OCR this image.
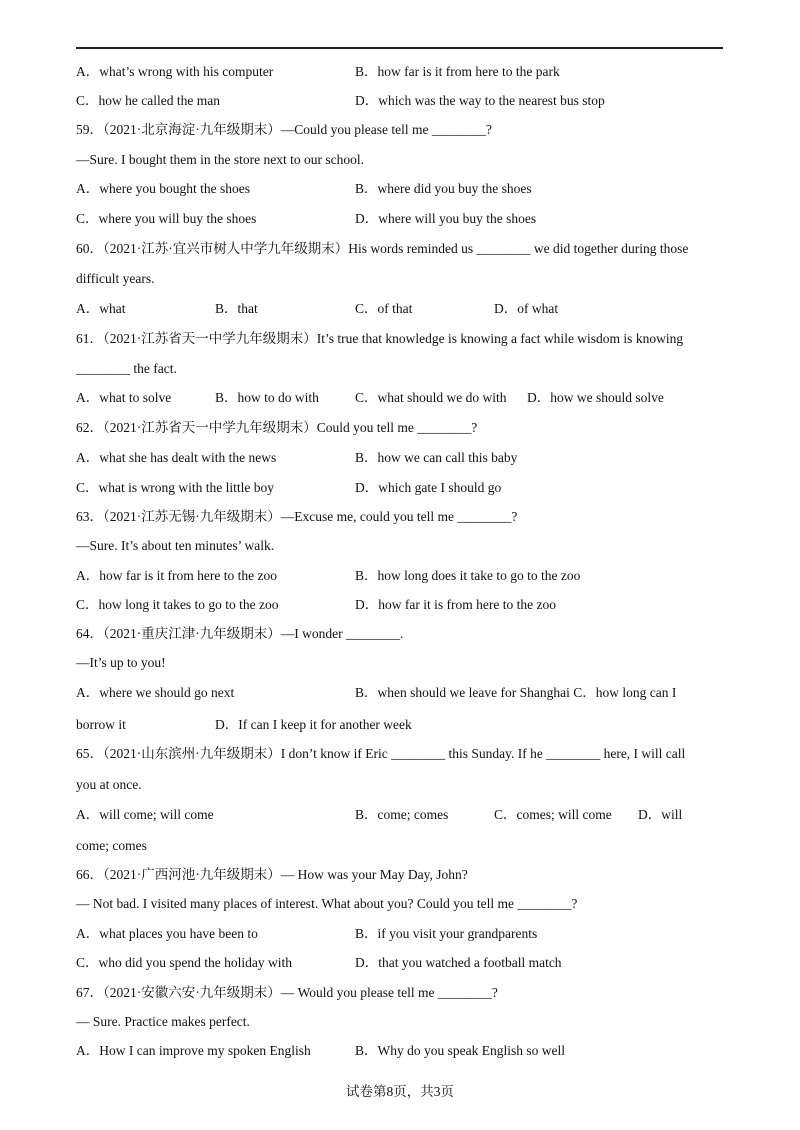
A．what’s wrong with his computer	B．how far is it from here to the park
C．how he called the man	D．which was the way to the nearest bus stop
59．（2021·北京海淀·九年级期末）—Could you please tell me ________?
—Sure. I bought them in the store next to our school.
A．where you bought the shoes	B．where did you buy the shoes
C．where you will buy the shoes	D．where will you buy the shoes
60．（2021·江苏·宜兴市树人中学九年级期末）His words reminded us ________ we did together during those
difficult years.
A．what	B．that	C．of that	D．of what
61．（2021·江苏省天一中学九年级期末）It’s true that knowledge is knowing a fact while wisdom is knowing
________ the fact.
A．what to solve	B．how to do with	C．what should we do with D．how we should solve
62．（2021·江苏省天一中学九年级期末）Could you tell me ________?
A．what she has dealt with the news	B．how we can call this baby
C．what is wrong with the little boy	D．which gate I should go
63．（2021·江苏无锡·九年级期末）—Excuse me, could you tell me ________?
—Sure. It’s about ten minutes’ walk.
A．how far is it from here to the zoo	B．how long does it take to go to the zoo
C．how long it takes to go to the zoo	D．how far it is from here to the zoo
64．（2021·重庆江津·九年级期末）—I wonder ________.
—It’s up to you!
A．where we should go next	B．when should we leave for Shanghai C．how long can I
borrow it	D．If can I keep it for another week
65．（2021·山东滨州·九年级期末）I don’t know if Eric ________ this Sunday. If he ________ here, I will call
you at once.
A．will come; will come	B．come; comes	C．comes; will come D．will
come; comes
66．（2021·广西河池·九年级期末）— How was your May Day, John?
— Not bad. I visited many places of interest. What about you? Could you tell me ________?
A．what places you have been to	B．if you visit your grandparents
C．who did you spend the holiday with	D．that you watched a football match
67．（2021·安徽六安·九年级期末）— Would you please tell me ________?
— Sure. Practice makes perfect.
A．How I can improve my spoken English	B．Why do you speak English so well
试卷第8页，共3页
